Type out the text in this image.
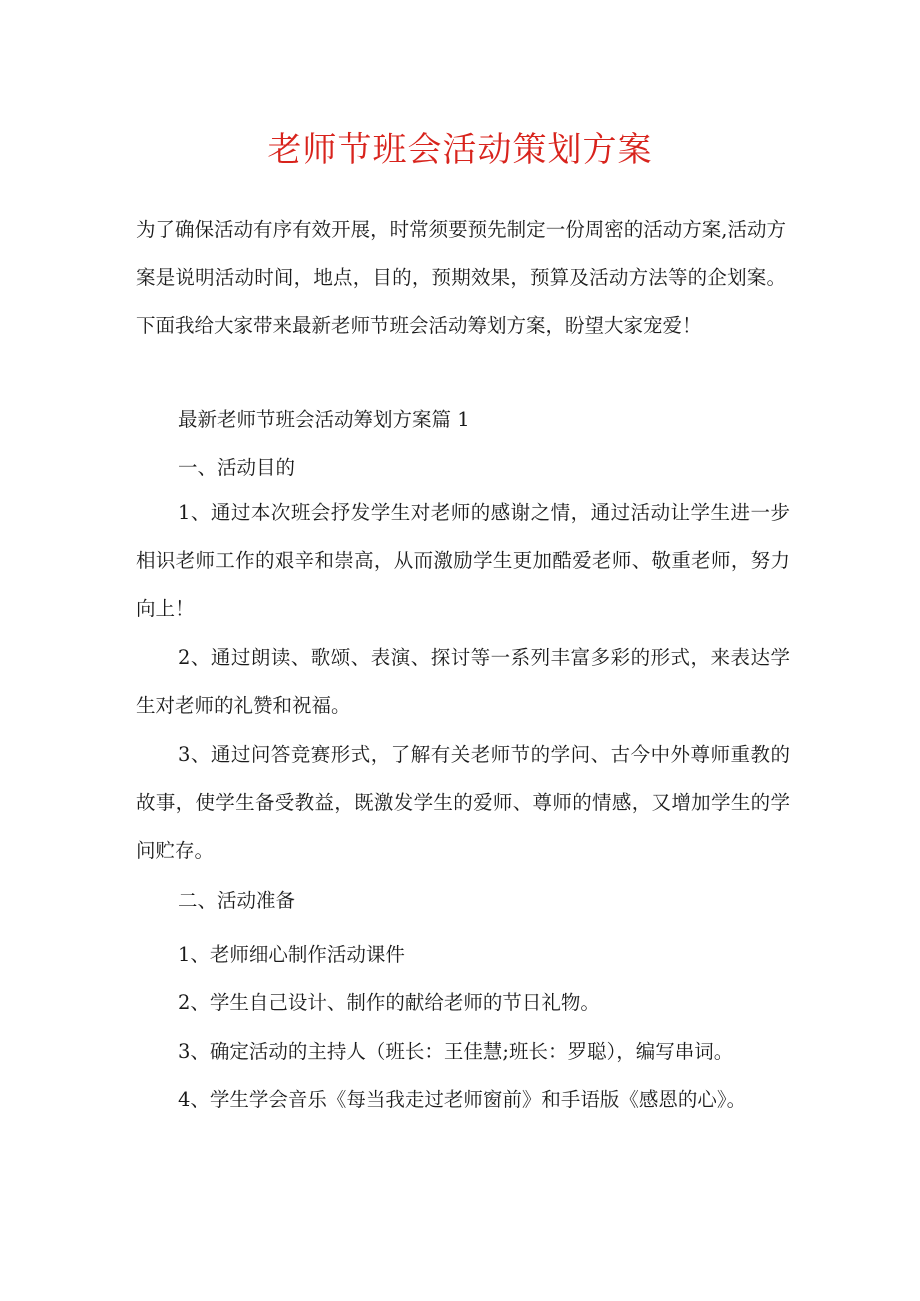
老师节班会活动策划方案
为了确保活动有序有效开展，时常须要预先制定一份周密的活动方案,活动方案是说明活动时间，地点，目的，预期效果，预算及活动方法等的企划案。下面我给大家带来最新老师节班会活动筹划方案，盼望大家宠爱！
最新老师节班会活动筹划方案篇 1
一、活动目的
1、通过本次班会抒发学生对老师的感谢之情，通过活动让学生进一步相识老师工作的艰辛和崇高，从而激励学生更加酷爱老师、敬重老师，努力向上！
2、通过朗读、歌颂、表演、探讨等一系列丰富多彩的形式，来表达学生对老师的礼赞和祝福。
3、通过问答竞赛形式，了解有关老师节的学问、古今中外尊师重教的故事，使学生备受教益，既激发学生的爱师、尊师的情感，又增加学生的学问贮存。
二、活动准备
1、老师细心制作活动课件
2、学生自己设计、制作的献给老师的节日礼物。
3、确定活动的主持人（班长：王佳慧;班长：罗聪），编写串词。
4、学生学会音乐《每当我走过老师窗前》和手语版《感恩的心》。
